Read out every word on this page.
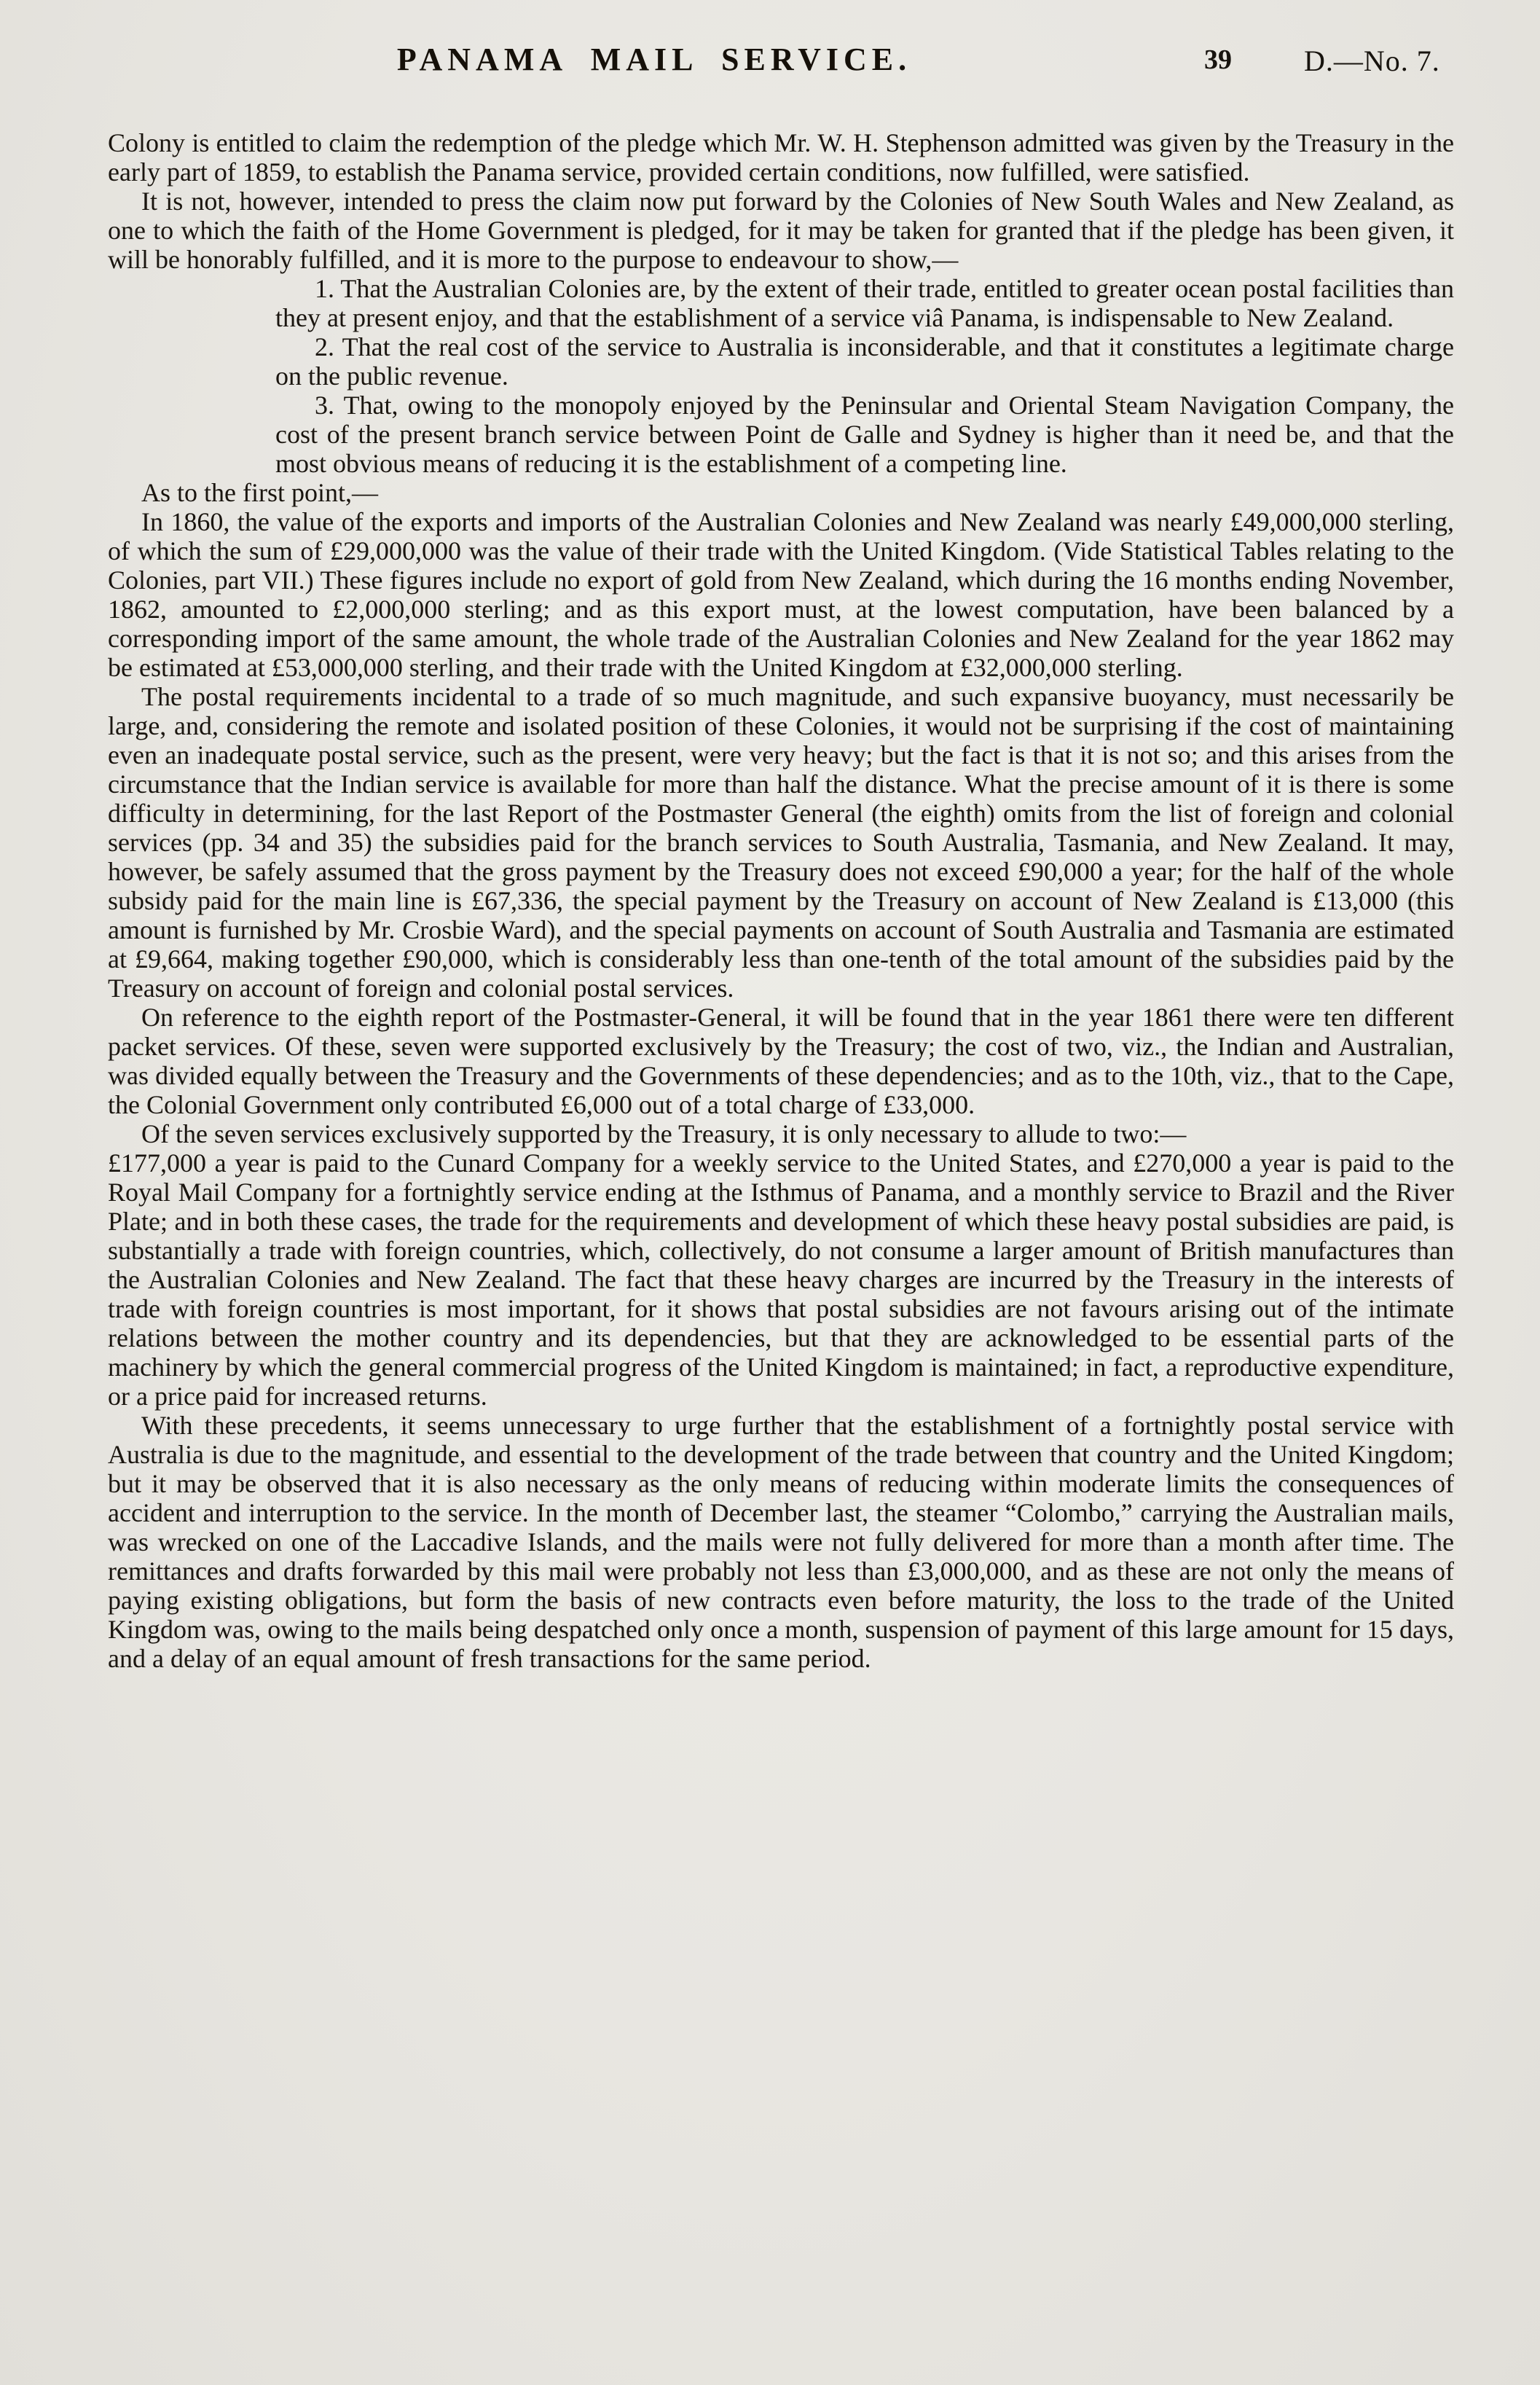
PANAMA MAIL SERVICE.	39 D.—No. 7.

Colony is entitled to claim the redemption of the pledge which Mr. W. H. Stephenson admitted was given by the Treasury in the early part of 1859, to establish the Panama service, provided certain conditions, now fulfilled, were satisfied.

It is not, however, intended to press the claim now put forward by the Colonies of New South Wales and New Zealand, as one to which the faith of the Home Government is pledged, for it may be taken for granted that if the pledge has been given, it will be honorably fulfilled, and it is more to the purpose to endeavour to show,—

1. That the Australian Colonies are, by the extent of their trade, entitled to greater ocean postal facilities than they at present enjoy, and that the establishment of a service viâ Panama, is indispensable to New Zealand.

2. That the real cost of the service to Australia is inconsiderable, and that it constitutes a legitimate charge on the public revenue.

3. That, owing to the monopoly enjoyed by the Peninsular and Oriental Steam Navigation Company, the cost of the present branch service between Point de Galle and Sydney is higher than it need be, and that the most obvious means of reducing it is the establishment of a competing line.

As to the first point,—

In 1860, the value of the exports and imports of the Australian Colonies and New Zealand was nearly £49,000,000 sterling, of which the sum of £29,000,000 was the value of their trade with the United Kingdom. (Vide Statistical Tables relating to the Colonies, part VII.) These figures include no export of gold from New Zealand, which during the 16 months ending November, 1862, amounted to £2,000,000 sterling; and as this export must, at the lowest computation, have been balanced by a corresponding import of the same amount, the whole trade of the Australian Colonies and New Zealand for the year 1862 may be estimated at £53,000,000 sterling, and their trade with the United Kingdom at £32,000,000 sterling.

The postal requirements incidental to a trade of so much magnitude, and such expansive buoyancy, must necessarily be large, and, considering the remote and isolated position of these Colonies, it would not be surprising if the cost of maintaining even an inadequate postal service, such as the present, were very heavy; but the fact is that it is not so; and this arises from the circumstance that the Indian service is available for more than half the distance. What the precise amount of it is there is some difficulty in determining, for the last Report of the Postmaster General (the eighth) omits from the list of foreign and colonial services (pp. 34 and 35) the subsidies paid for the branch services to South Australia, Tasmania, and New Zealand. It may, however, be safely assumed that the gross payment by the Treasury does not exceed £90,000 a year; for the half of the whole subsidy paid for the main line is £67,336, the special payment by the Treasury on account of New Zealand is £13,000 (this amount is furnished by Mr. Crosbie Ward), and the special payments on account of South Australia and Tasmania are estimated at £9,664, making together £90,000, which is considerably less than one-tenth of the total amount of the subsidies paid by the Treasury on account of foreign and colonial postal services.

On reference to the eighth report of the Postmaster-General, it will be found that in the year 1861 there were ten different packet services. Of these, seven were supported exclusively by the Treasury; the cost of two, viz., the Indian and Australian, was divided equally between the Treasury and the Governments of these dependencies; and as to the 10th, viz., that to the Cape, the Colonial Government only contributed £6,000 out of a total charge of £33,000.

Of the seven services exclusively supported by the Treasury, it is only necessary to allude to two:—

£177,000 a year is paid to the Cunard Company for a weekly service to the United States, and £270,000 a year is paid to the Royal Mail Company for a fortnightly service ending at the Isthmus of Panama, and a monthly service to Brazil and the River Plate; and in both these cases, the trade for the requirements and development of which these heavy postal subsidies are paid, is substantially a trade with foreign countries, which, collectively, do not consume a larger amount of British manufactures than the Australian Colonies and New Zealand. The fact that these heavy charges are incurred by the Treasury in the interests of trade with foreign countries is most important, for it shows that postal subsidies are not favours arising out of the intimate relations between the mother country and its dependencies, but that they are acknowledged to be essential parts of the machinery by which the general commercial progress of the United Kingdom is maintained; in fact, a reproductive expenditure, or a price paid for increased returns.

With these precedents, it seems unnecessary to urge further that the establishment of a fortnightly postal service with Australia is due to the magnitude, and essential to the development of the trade between that country and the United Kingdom; but it may be observed that it is also necessary as the only means of reducing within moderate limits the consequences of accident and interruption to the service. In the month of December last, the steamer “Colombo,” carrying the Australian mails, was wrecked on one of the Laccadive Islands, and the mails were not fully delivered for more than a month after time. The remittances and drafts forwarded by this mail were probably not less than £3,000,000, and as these are not only the means of paying existing obligations, but form the basis of new contracts even before maturity, the loss to the trade of the United Kingdom was, owing to the mails being despatched only once a month, suspension of payment of this large amount for 15 days, and a delay of an equal amount of fresh transactions for the same period.
